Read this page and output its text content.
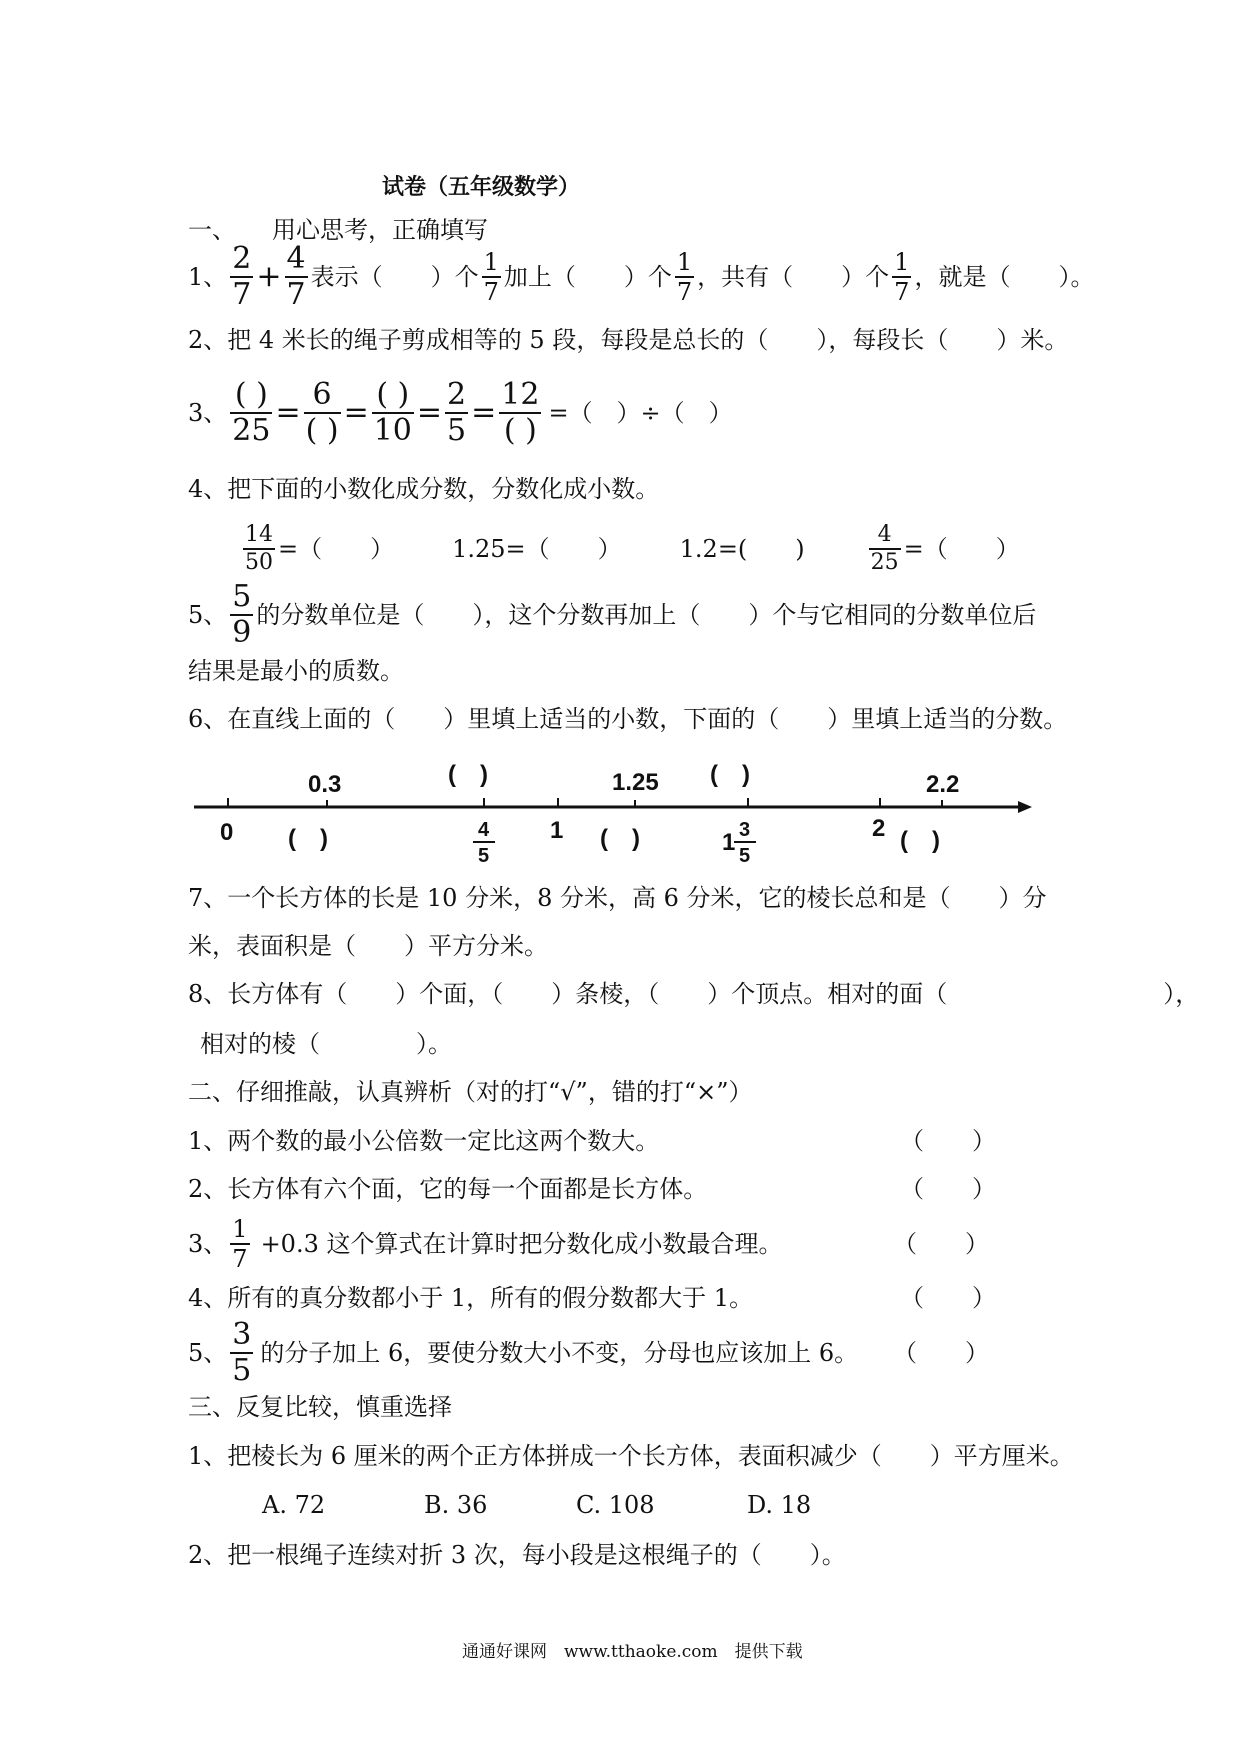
试卷（五年级数学）
一、　　用心思考，正确填写
1、 $\frac{2}{7} + \frac{4}{7}$ 表示（　　）个 $\frac{1}{7}$ 加上（　　）个 $\frac{1}{7}$ ，共有（　　）个 $\frac{1}{7}$ ，就是（　　）。
2、把 4 米长的绳子剪成相等的 5 段，每段是总长的（　　），每段长（　　）米。
3、 $\frac{( )}{25} = \frac{6}{( )} = \frac{( )}{10} = \frac{2}{5} = \frac{12}{( )}$ =（　）÷（　）
4、把下面的小数化成分数，分数化成小数。
$\frac{14}{50}$ =（　　） 1.25=（　　） 1.2=(　　)	$\frac{4}{25}$ =（　　）
5、 $\frac{5}{9}$ 的分数单位是（　　），这个分数再加上（　　）个与它相同的分数单位后
结果是最小的质数。
6、在直线上面的（　　）里填上适当的小数，下面的（　　）里填上适当的分数。
0.3	(　)	1.25 (　)	2.2
0 (　)	4
5
1 (　)	1 3
5
2 (　)
7、一个长方体的长是 10 分米，8 分米，高 6 分米，它的棱长总和是（　　）分
米，表面积是（　　）平方分米。
8、长方体有（　　）个面，（　　）条棱，（　　）个顶点。相对的面（　　　　　　　　　），
相对的棱（　　　　）。
二、仔细推敲，认真辨析（对的打“√”，错的打“×”）
1、两个数的最小公倍数一定比这两个数大。	（　　）
2、长方体有六个面，它的每一个面都是长方体。	（　　）
3、 $\frac{1}{7} +0.3$ 这个算式在计算时把分数化成小数最合理。	（　　）
4、所有的真分数都小于 1，所有的假分数都大于 1。	（　　）
5、 $\frac{3}{5}$ 的分子加上 6，要使分数大小不变，分母也应该加上 6。 （　　）
三、反复比较，慎重选择
1、把棱长为 6 厘米的两个正方体拼成一个长方体，表面积减少（　　）平方厘米。
A. 72	B. 36	C. 108	D. 18
2、把一根绳子连续对折 3 次，每小段是这根绳子的（　　）。
通通好课网　www.tthaoke.com　提供下载
